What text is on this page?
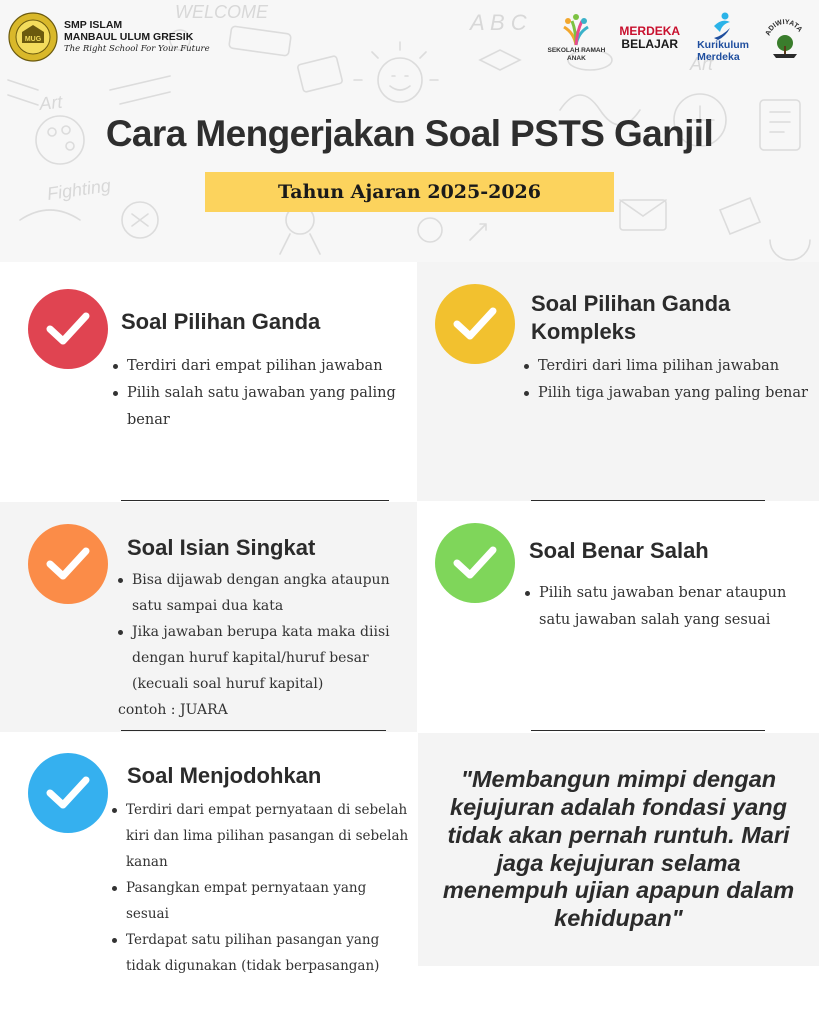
Art
Fighting
WELCOME	A B C
Art
MUG
SMP ISLAM
MANBAUL ULUM GRESIK
The Right School For Your Future	SEKOLAH RAMAH ANAK
MERDEKA
BELAJAR Kurikulum
Merdeka
ADIWIYATA
Cara Mengerjakan Soal PSTS Ganjil
Tahun Ajaran 2025-2026
Soal Pilihan Ganda
Terdiri dari empat pilihan jawaban
Pilih salah satu jawaban yang paling benar
Soal Pilihan Ganda
Kompleks
Terdiri dari lima pilihan jawaban
Pilih tiga jawaban yang paling benar
Soal Isian Singkat
Bisa dijawab dengan angka ataupun satu sampai dua kata
Jika jawaban berupa kata maka diisi dengan huruf kapital/huruf besar (kecuali soal huruf kapital)
contoh : JUARA
Soal Benar Salah
Pilih satu jawaban benar ataupun satu jawaban salah yang sesuai
Soal Menjodohkan
Terdiri dari empat pernyataan di sebelah kiri dan lima pilihan pasangan di sebelah kanan
Pasangkan empat pernyataan yang sesuai
Terdapat satu pilihan pasangan yang tidak digunakan (tidak berpasangan)

"Membangun mimpi dengan kejujuran adalah fondasi yang tidak akan pernah runtuh. Mari jaga kejujuran selama menempuh ujian apapun dalam kehidupan"
